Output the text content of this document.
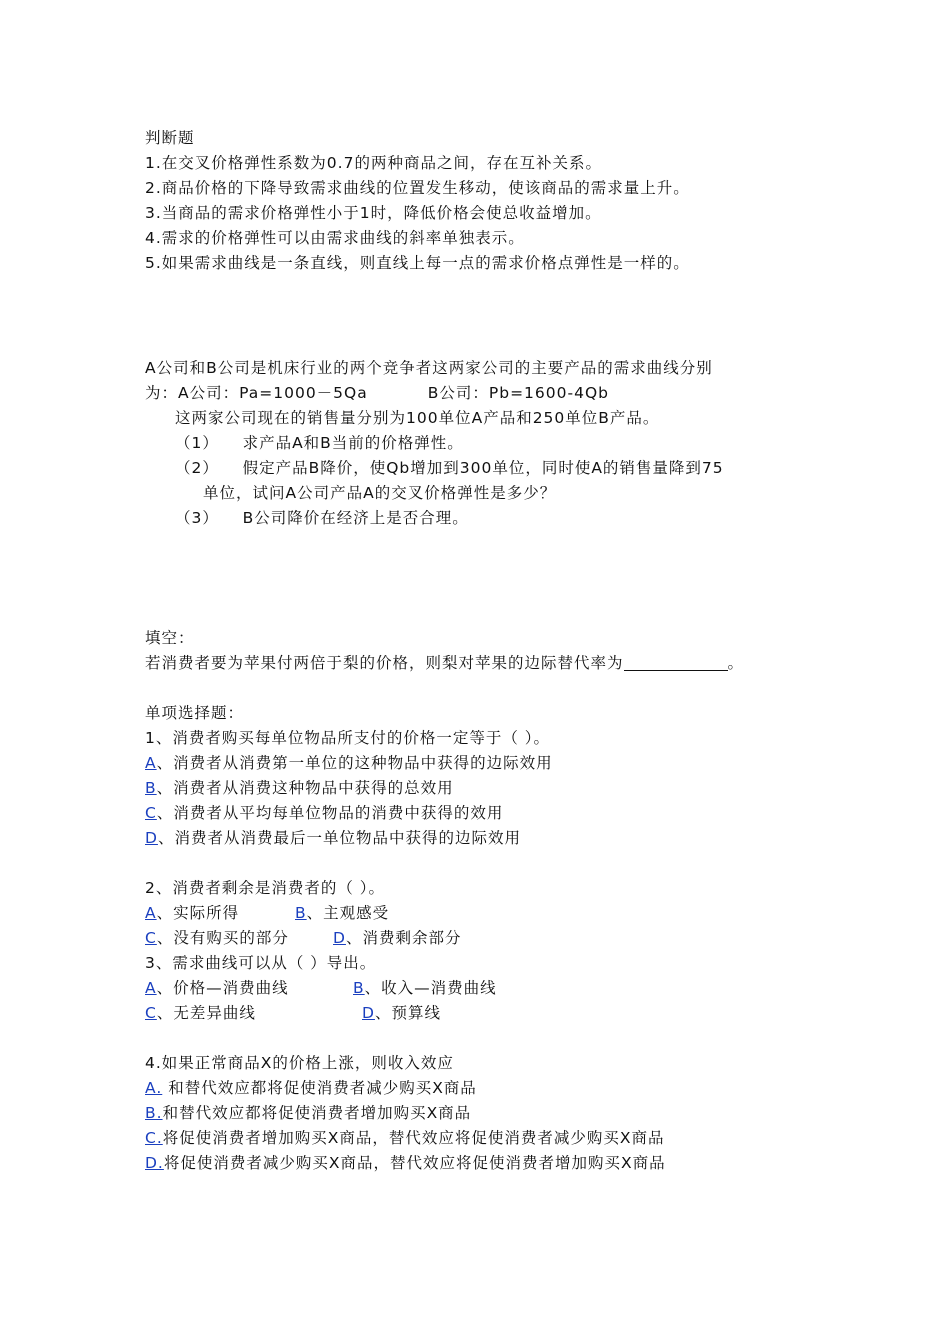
判断题
1.在交叉价格弹性系数为0.7的两种商品之间，存在互补关系。
2.商品价格的下降导致需求曲线的位置发生移动，使该商品的需求量上升。
3.当商品的需求价格弹性小于1时，降低价格会使总收益增加。
4.需求的价格弹性可以由需求曲线的斜率单独表示。
5.如果需求曲线是一条直线，则直线上每一点的需求价格点弹性是一样的。
A公司和B公司是机床行业的两个竞争者这两家公司的主要产品的需求曲线分别
为：A公司：Pa=1000－5Qa	B公司：Pb=1600-4Qb
这两家公司现在的销售量分别为100单位A产品和250单位B产品。
（1）    求产品A和B当前的价格弹性。
（2）    假定产品B降价，使Qb增加到300单位，同时使A的销售量降到75
单位，试问A公司产品A的交叉价格弹性是多少？
（3）    B公司降价在经济上是否合理。
填空：
若消费者要为苹果付两倍于梨的价格，则梨对苹果的边际替代率为	。
单项选择题：
1、消费者购买每单位物品所支付的价格一定等于（ ）。
A、消费者从消费第一单位的这种物品中获得的边际效用
B、消费者从消费这种物品中获得的总效用
C、消费者从平均每单位物品的消费中获得的效用
D、消费者从消费最后一单位物品中获得的边际效用
2、消费者剩余是消费者的（ ）。
A、实际所得	B、主观感受
C、没有购买的部分	D、消费剩余部分
3、需求曲线可以从（ ）导出。
A、价格—消费曲线	B、收入—消费曲线
C、无差异曲线	D、预算线
4.如果正常商品X的价格上涨，则收入效应
A. 和替代效应都将促使消费者减少购买X商品
B.和替代效应都将促使消费者增加购买X商品
C.将促使消费者增加购买X商品，替代效应将促使消费者减少购买X商品
D.将促使消费者减少购买X商品，替代效应将促使消费者增加购买X商品
